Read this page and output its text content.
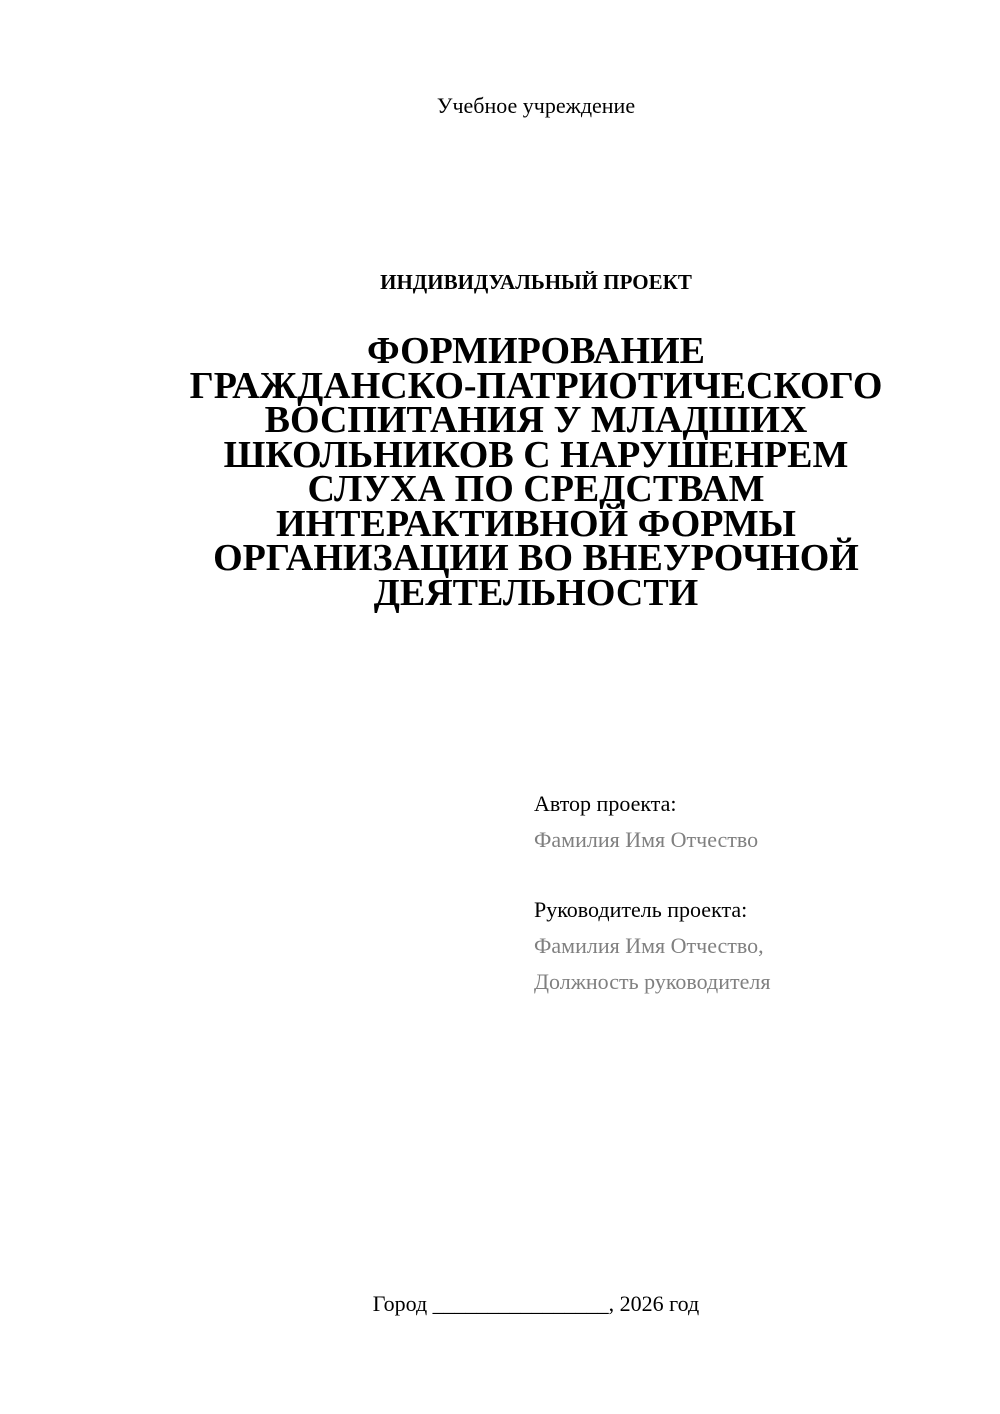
Учебное учреждение
ИНДИВИДУАЛЬНЫЙ ПРОЕКТ
ФОРМИРОВАНИЕ
ГРАЖДАНСКО-ПАТРИОТИЧЕСКОГО
ВОСПИТАНИЯ У МЛАДШИХ
ШКОЛЬНИКОВ С НАРУШЕНРЕМ
СЛУХА ПО СРЕДСТВАМ
ИНТЕРАКТИВНОЙ ФОРМЫ
ОРГАНИЗАЦИИ ВО ВНЕУРОЧНОЙ
ДЕЯТЕЛЬНОСТИ
Автор проекта:
Фамилия Имя Отчество
Руководитель проекта:
Фамилия Имя Отчество,
Должность руководителя
Город ________________, 2026 год
